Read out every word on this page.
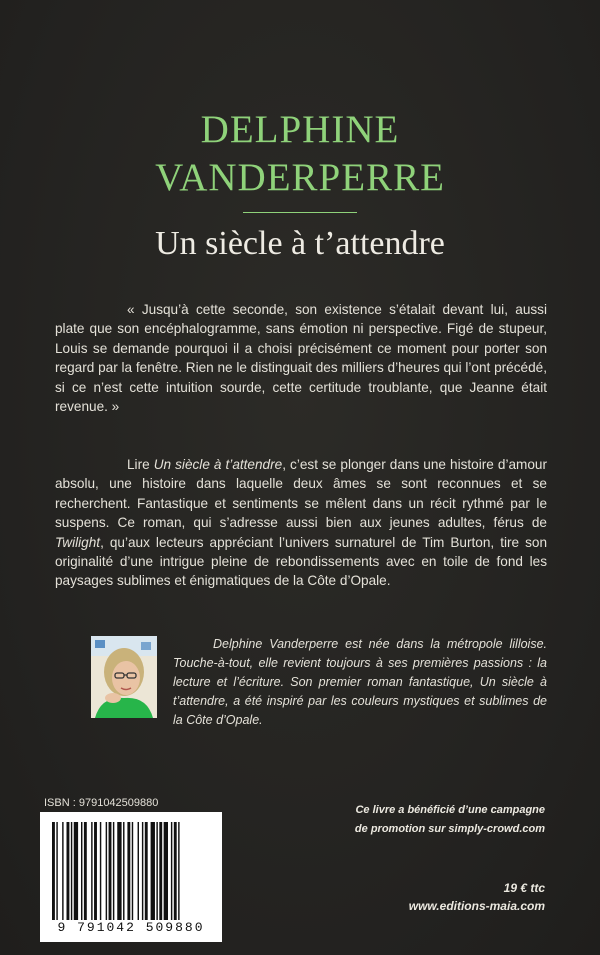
DELPHINE
VANDERPERRE
Un siècle à t’attendre
« Jusqu’à cette seconde, son existence s’étalait devant lui, aussi plate que son encéphalogramme, sans émotion ni perspective. Figé de stupeur, Louis se demande pourquoi il a choisi précisément ce moment pour porter son regard par la fenêtre. Rien ne le distinguait des milliers d’heures qui l’ont précédé, si ce n’est cette intuition sourde, cette certitude troublante, que Jeanne était revenue. »
Lire Un siècle à t’attendre, c’est se plonger dans une histoire d’amour absolu, une histoire dans laquelle deux âmes se sont reconnues et se recherchent. Fantastique et sentiments se mêlent dans un récit rythmé par le suspens. Ce roman, qui s’adresse aussi bien aux jeunes adultes, férus de Twilight, qu’aux lecteurs appréciant l’univers surnaturel de Tim Burton, tire son originalité d’une intrigue pleine de rebondissements avec en toile de fond les paysages sublimes et énigmatiques de la Côte d’Opale.
Delphine Vanderperre est née dans la métropole lilloise. Touche-à-tout, elle revient toujours à ses premières passions : la lecture et l’écriture. Son premier roman fantastique, Un siècle à t’attendre, a été inspiré par les couleurs mystiques et sublimes de la Côte d’Opale.
ISBN : 9791042509880
9 791042 509880
Ce livre a bénéficié d’une campagne
de promotion sur simply-crowd.com
19 € ttc
www.editions-maia.com
